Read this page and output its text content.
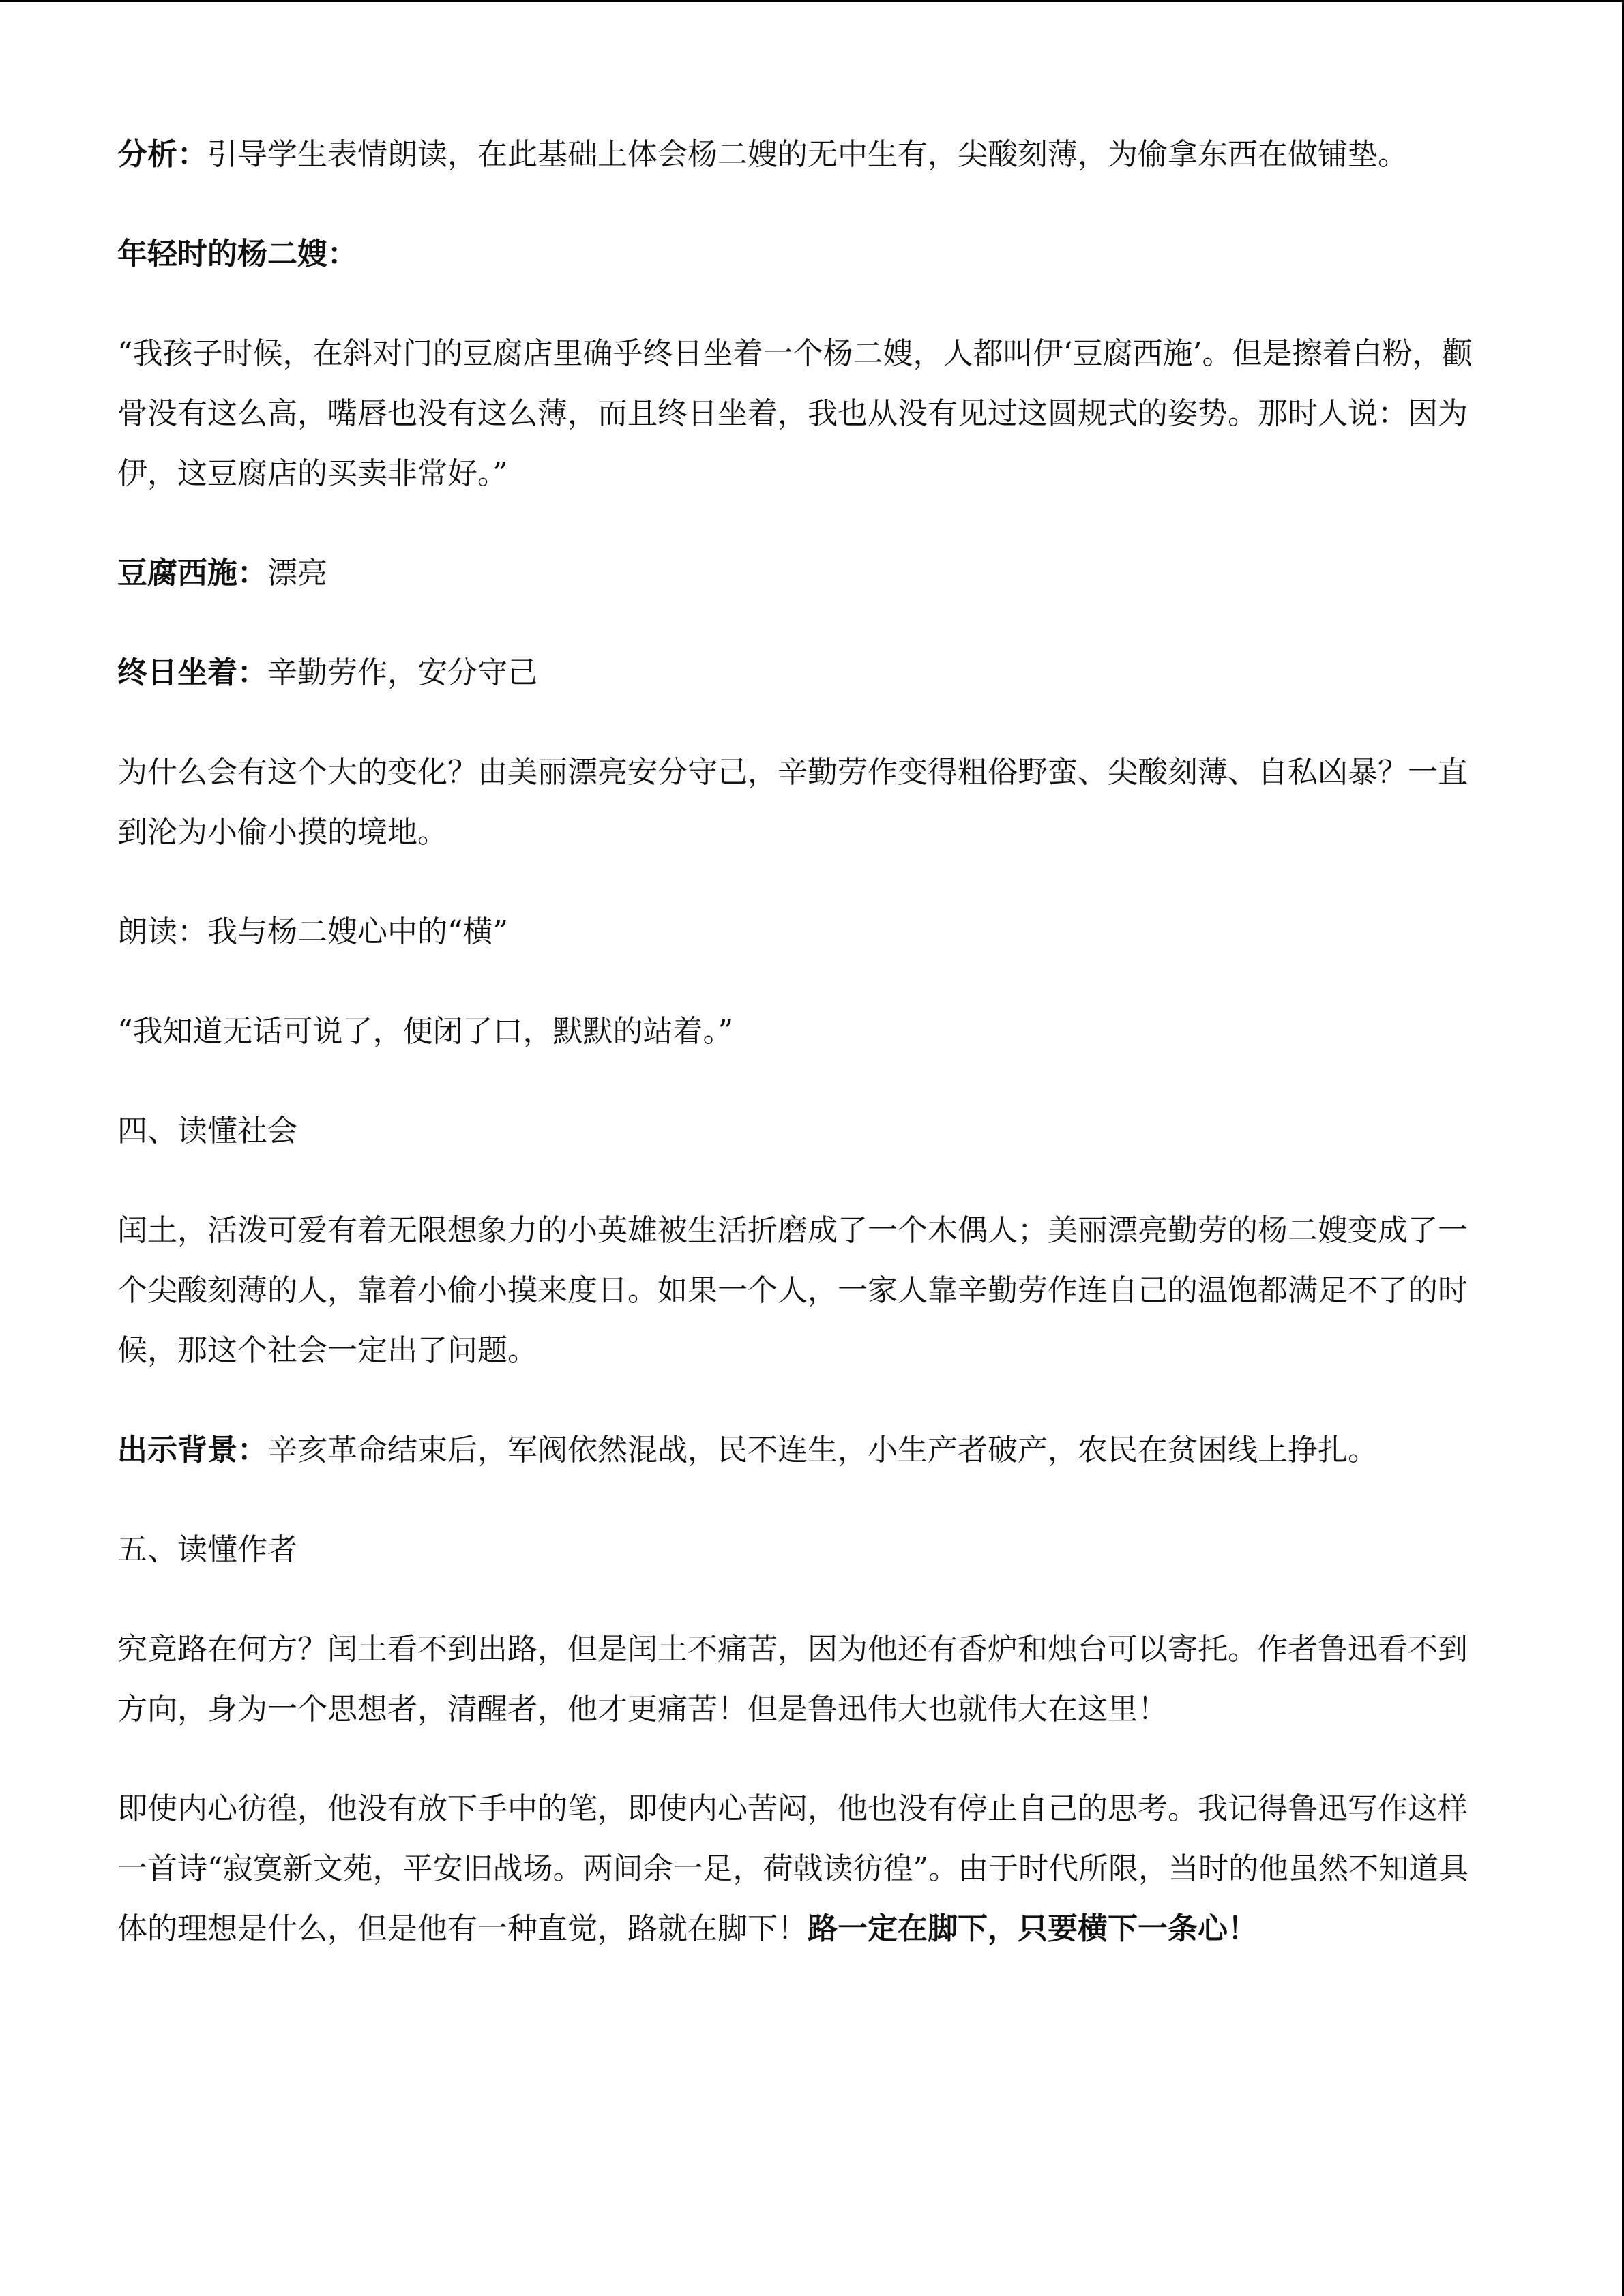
分析：引导学生表情朗读，在此基础上体会杨二嫂的无中生有，尖酸刻薄，为偷拿东西在做铺垫。

年轻时的杨二嫂：

“我孩子时候，在斜对门的豆腐店里确乎终日坐着一个杨二嫂，人都叫伊‘豆腐西施’。但是擦着白粉，颧骨没有这么高，嘴唇也没有这么薄，而且终日坐着，我也从没有见过这圆规式的姿势。那时人说：因为伊，这豆腐店的买卖非常好。”

豆腐西施：漂亮

终日坐着：辛勤劳作，安分守己

为什么会有这个大的变化？由美丽漂亮安分守己，辛勤劳作变得粗俗野蛮、尖酸刻薄、自私凶暴？一直到沦为小偷小摸的境地。

朗读：我与杨二嫂心中的“横”

“我知道无话可说了，便闭了口，默默的站着。”

四、读懂社会

闰土，活泼可爱有着无限想象力的小英雄被生活折磨成了一个木偶人；美丽漂亮勤劳的杨二嫂变成了一个尖酸刻薄的人，靠着小偷小摸来度日。如果一个人，一家人靠辛勤劳作连自己的温饱都满足不了的时候，那这个社会一定出了问题。

出示背景：辛亥革命结束后，军阀依然混战，民不连生，小生产者破产，农民在贫困线上挣扎。

五、读懂作者

究竟路在何方？闰土看不到出路，但是闰土不痛苦，因为他还有香炉和烛台可以寄托。作者鲁迅看不到方向，身为一个思想者，清醒者，他才更痛苦！但是鲁迅伟大也就伟大在这里！

即使内心彷徨，他没有放下手中的笔，即使内心苦闷，他也没有停止自己的思考。我记得鲁迅写作这样一首诗“寂寞新文苑，平安旧战场。两间余一足，荷戟读彷徨”。由于时代所限，当时的他虽然不知道具体的理想是什么，但是他有一种直觉，路就在脚下！路一定在脚下，只要横下一条心！
